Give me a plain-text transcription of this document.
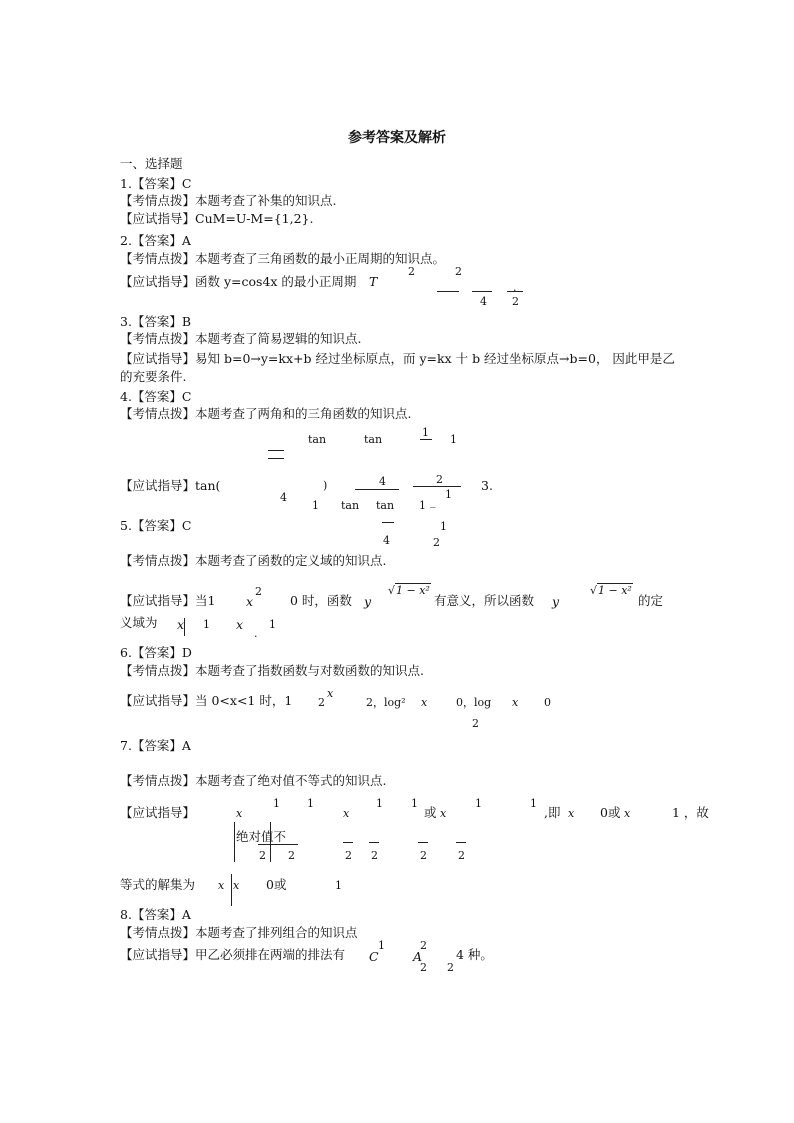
参考答案及解析
一、选择题
1.【答案】C
【考情点拨】本题考查了补集的知识点.
【应试指导】CuM=U-M={1,2}.
2.【答案】A
【考情点拨】本题考查了三角函数的最小正周期的知识点。
【应试指导】函数 y=cos4x 的最小正周期 T
2	2
.
4 2
3.【答案】B
【考情点拨】本题考查了简易逻辑的知识点.
【应试指导】易知 b=0→y=kx+b 经过坐标原点，而 y=kx 十 b 经过坐标原点→b=0， 因此甲是乙
的充要条件.
4.【答案】C
【考情点拨】本题考查了两角和的三角函数的知识点.
1
tan	tan	1
【应试指导】tan(	)	4	2
1
3.
4
1 tan tan 1 _
5.【答案】C	1
4	2
【考情点拨】本题考查了函数的定义域的知识点.
【应试指导】当1 x
2
0 时，函数 y
√1 − x²
有意义，所以函数 y
√1 − x²
的定
义域为 x 1 x
.
1
6.【答案】D
【考情点拨】本题考查了指数函数与对数函数的知识点.
【应试指导】当 0<x<1 时，1 2
x
2，log² x	0，log x 0
2
7.【答案】A
【考情点拨】本题考查了绝对值不等式的知识点.
【应试指导】
1 1	1	1	1	1
x	x	或 x	,即 x 0或 x	1 ，故
绝对值不
2 2	2 2	2	2
等式的解集为 x x 0或	1
8.【答案】A
【考情点拨】本题考查了排列组合的知识点
【应试指导】甲乙必须排在两端的排法有 C
1
A
2
2 2
4 种。
